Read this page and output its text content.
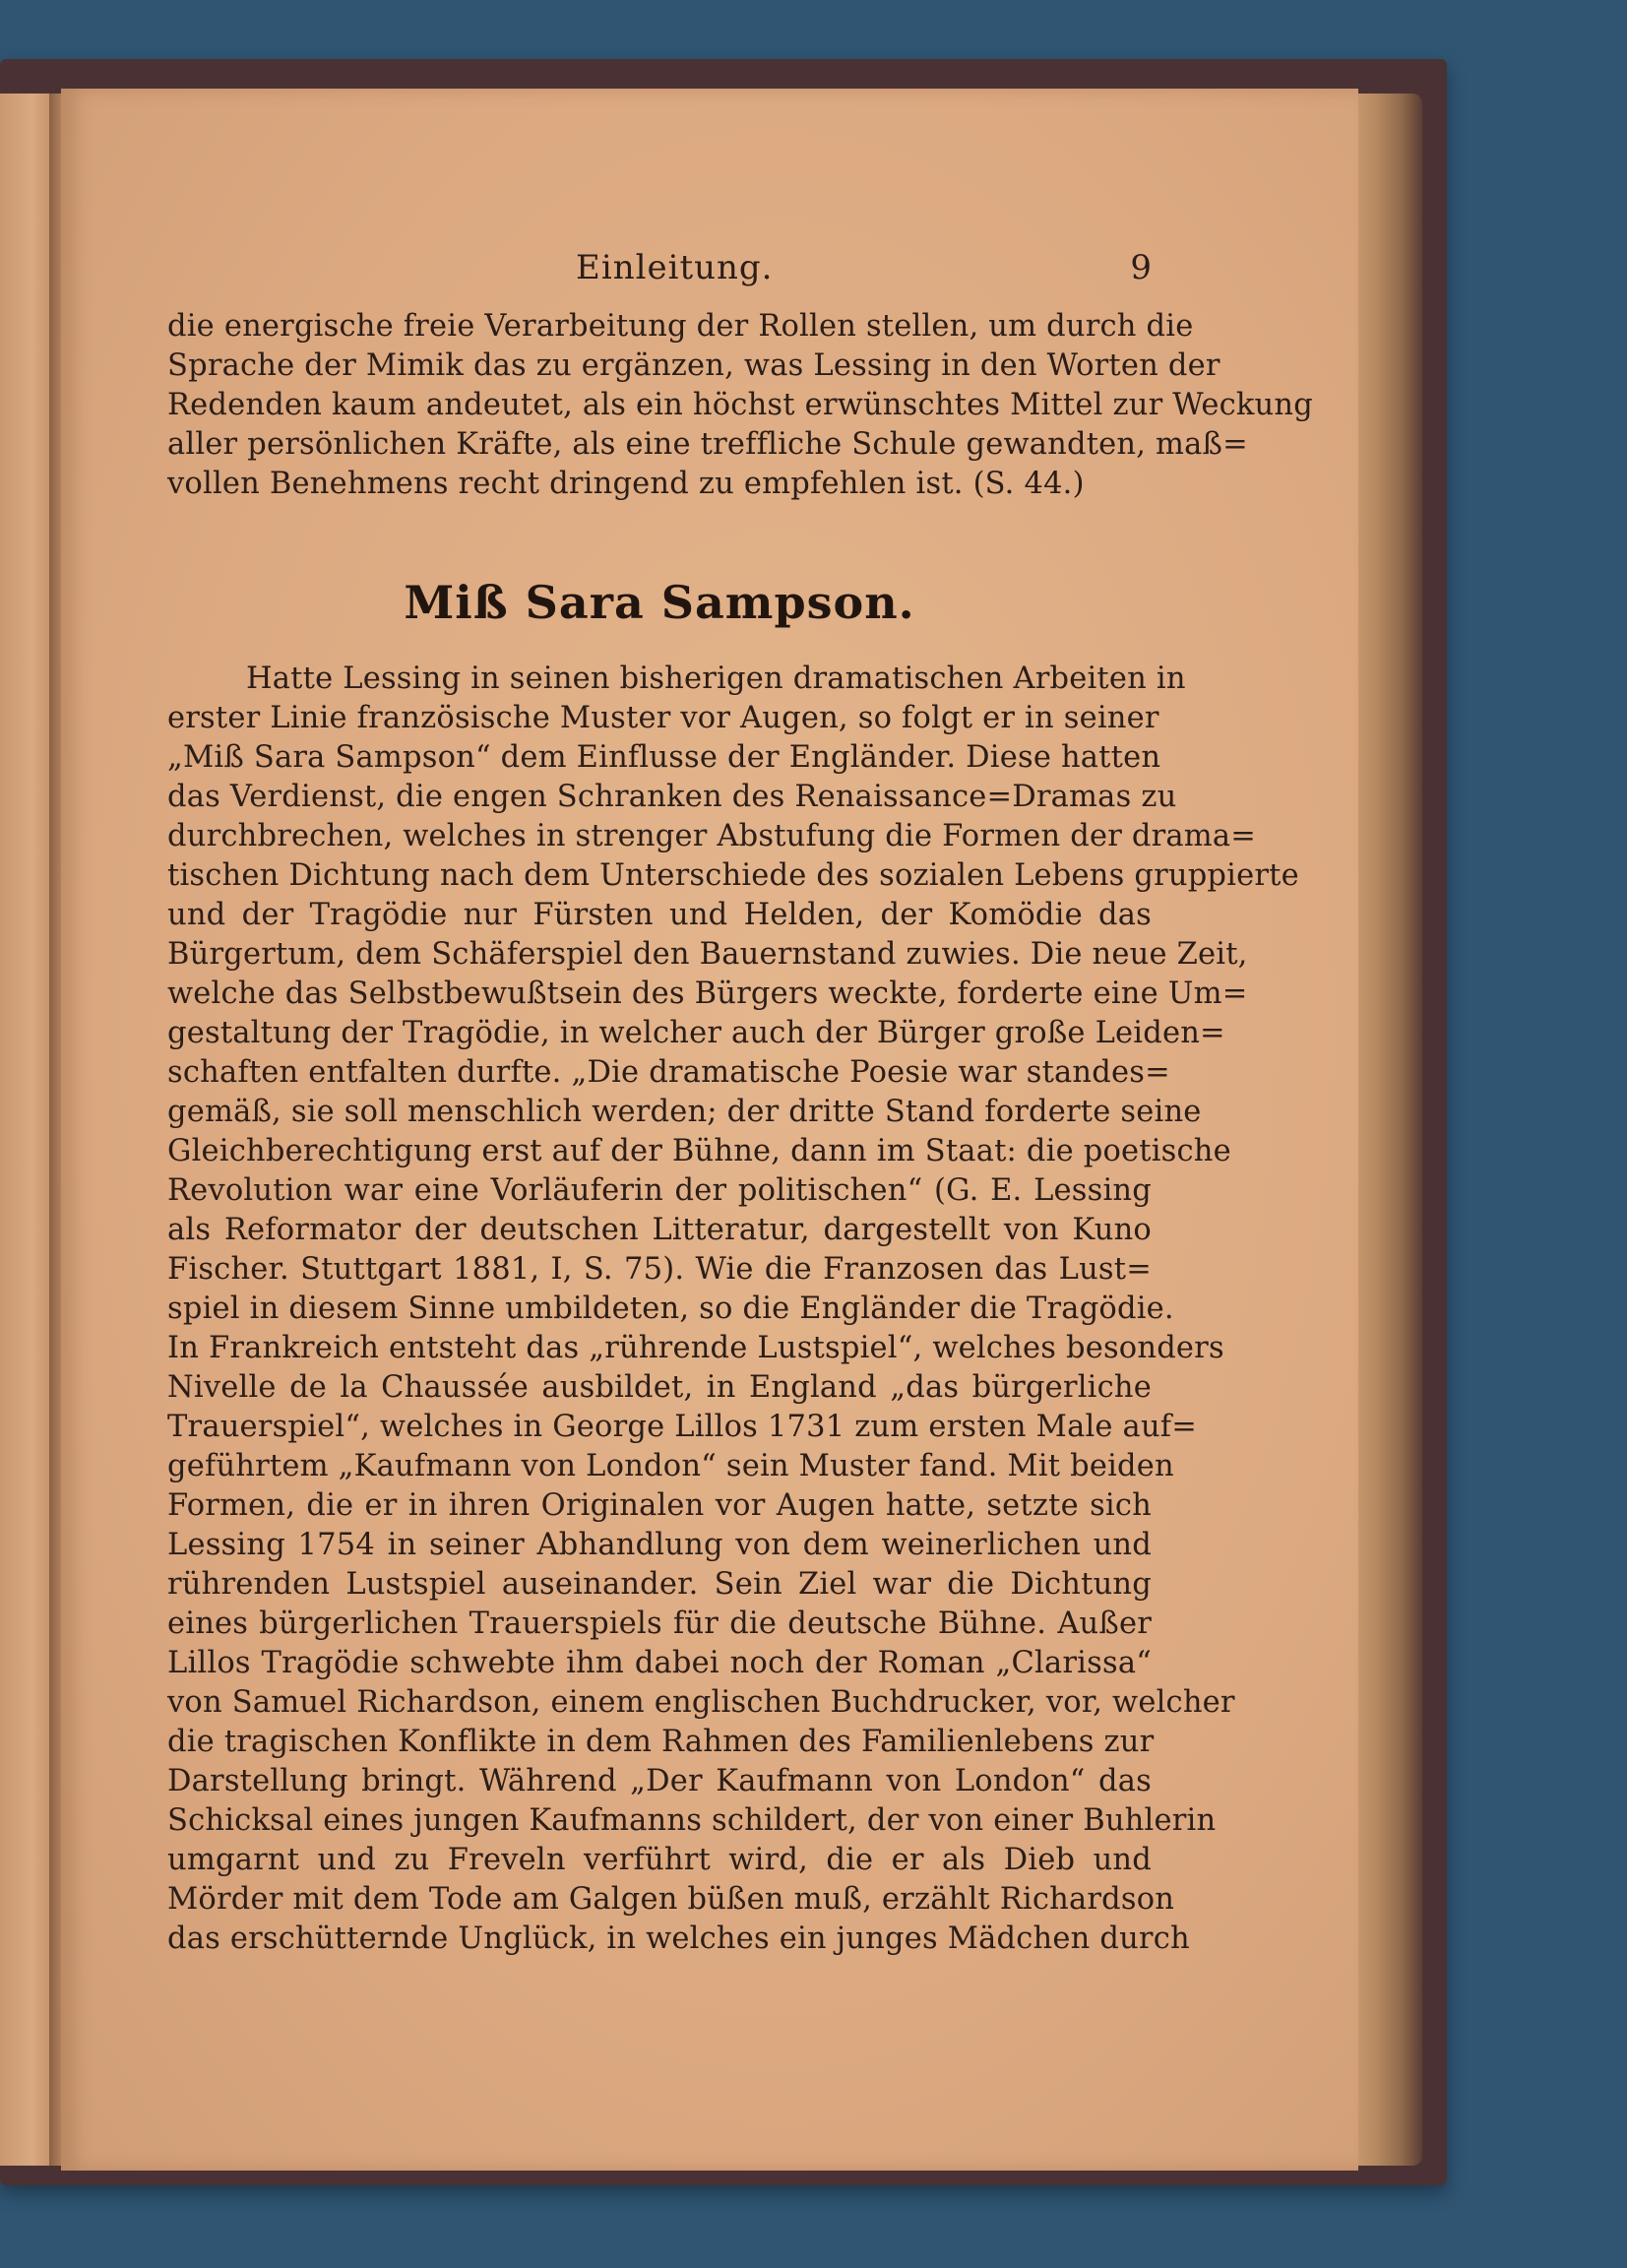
Einleitung.	9
die energische freie Verarbeitung der Rollen stellen, um durch die
Sprache der Mimik das zu ergänzen, was Lessing in den Worten der
Redenden kaum andeutet, als ein höchst erwünschtes Mittel zur Weckung
aller persönlichen Kräfte, als eine treffliche Schule gewandten, maß=
vollen Benehmens recht dringend zu empfehlen ist. (S. 44.)
Miß Sara Sampson.
Hatte Lessing in seinen bisherigen dramatischen Arbeiten in
erster Linie französische Muster vor Augen, so folgt er in seiner
„Miß Sara Sampson“ dem Einflusse der Engländer. Diese hatten
das Verdienst, die engen Schranken des Renaissance=Dramas zu
durchbrechen, welches in strenger Abstufung die Formen der drama=
tischen Dichtung nach dem Unterschiede des sozialen Lebens gruppierte
und der Tragödie nur Fürsten und Helden, der Komödie das
Bürgertum, dem Schäferspiel den Bauernstand zuwies. Die neue Zeit,
welche das Selbstbewußtsein des Bürgers weckte, forderte eine Um=
gestaltung der Tragödie, in welcher auch der Bürger große Leiden=
schaften entfalten durfte. „Die dramatische Poesie war standes=
gemäß, sie soll menschlich werden; der dritte Stand forderte seine
Gleichberechtigung erst auf der Bühne, dann im Staat: die poetische
Revolution war eine Vorläuferin der politischen“ (G. E. Lessing
als Reformator der deutschen Litteratur, dargestellt von Kuno
Fischer. Stuttgart 1881, I, S. 75). Wie die Franzosen das Lust=
spiel in diesem Sinne umbildeten, so die Engländer die Tragödie.
In Frankreich entsteht das „rührende Lustspiel“, welches besonders
Nivelle de la Chaussée ausbildet, in England „das bürgerliche
Trauerspiel“, welches in George Lillos 1731 zum ersten Male auf=
geführtem „Kaufmann von London“ sein Muster fand. Mit beiden
Formen, die er in ihren Originalen vor Augen hatte, setzte sich
Lessing 1754 in seiner Abhandlung von dem weinerlichen und
rührenden Lustspiel auseinander. Sein Ziel war die Dichtung
eines bürgerlichen Trauerspiels für die deutsche Bühne. Außer
Lillos Tragödie schwebte ihm dabei noch der Roman „Clarissa“
von Samuel Richardson, einem englischen Buchdrucker, vor, welcher
die tragischen Konflikte in dem Rahmen des Familienlebens zur
Darstellung bringt. Während „Der Kaufmann von London“ das
Schicksal eines jungen Kaufmanns schildert, der von einer Buhlerin
umgarnt und zu Freveln verführt wird, die er als Dieb und
Mörder mit dem Tode am Galgen büßen muß, erzählt Richardson
das erschütternde Unglück, in welches ein junges Mädchen durch
